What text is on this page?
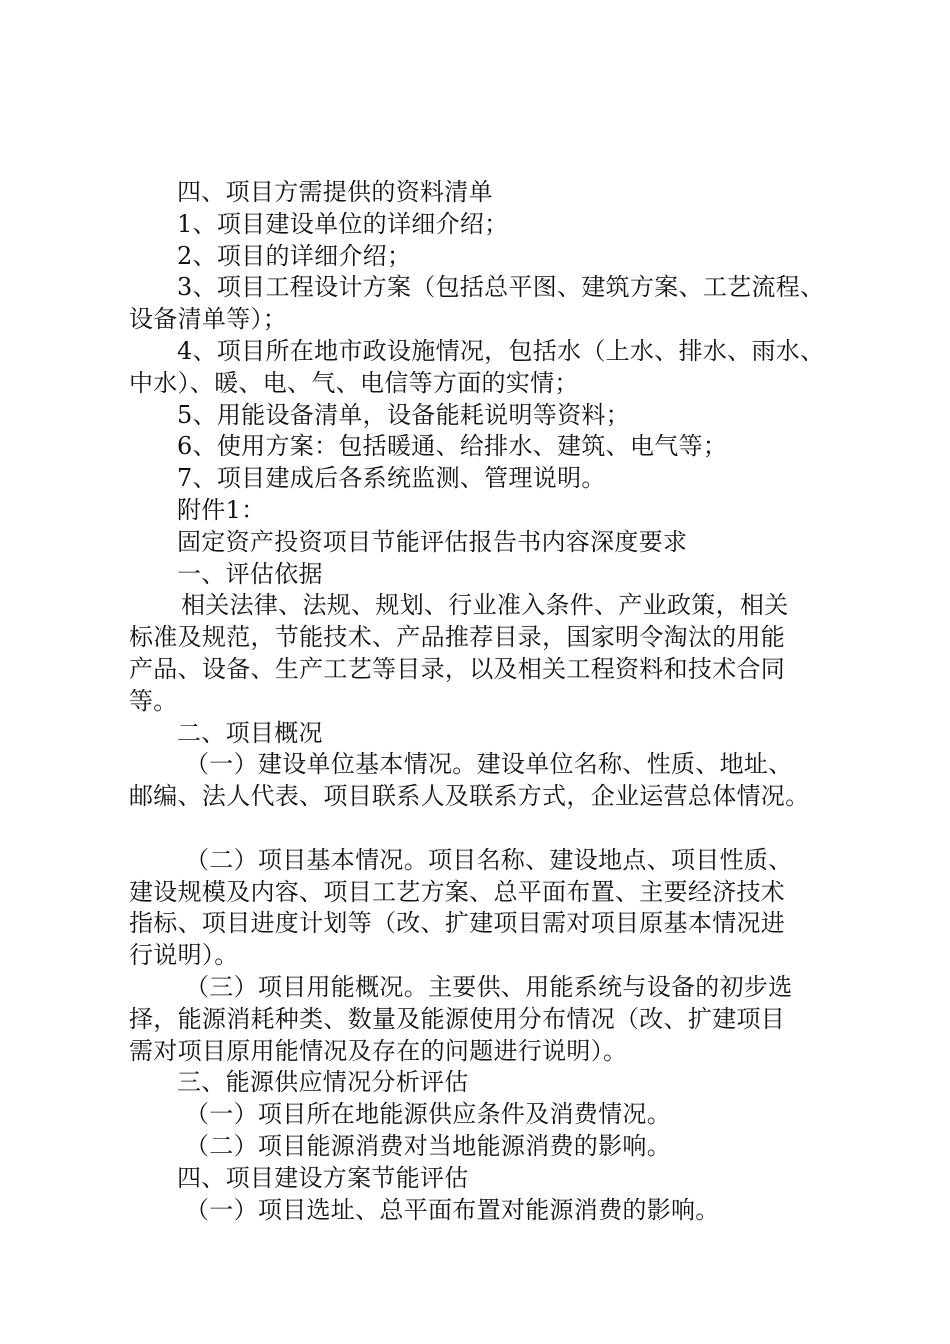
四、项目方需提供的资料清单
1、项目建设单位的详细介绍；
2、项目的详细介绍；
3、项目工程设计方案（包括总平图、建筑方案、工艺流程、
设备清单等）；
4、项目所在地市政设施情况，包括水（上水、排水、雨水、
中水）、暖、电、气、电信等方面的实情；
5、用能设备清单，设备能耗说明等资料；
6、使用方案：包括暖通、给排水、建筑、电气等；
7、项目建成后各系统监测、管理说明。
附件1：
固定资产投资项目节能评估报告书内容深度要求
一、评估依据
相关法律、法规、规划、行业准入条件、产业政策，相关
标准及规范，节能技术、产品推荐目录，国家明令淘汰的用能
产品、设备、生产工艺等目录，以及相关工程资料和技术合同
等。
二、项目概况
（一）建设单位基本情况。建设单位名称、性质、地址、
邮编、法人代表、项目联系人及联系方式，企业运营总体情况。
（二）项目基本情况。项目名称、建设地点、项目性质、
建设规模及内容、项目工艺方案、总平面布置、主要经济技术
指标、项目进度计划等（改、扩建项目需对项目原基本情况进
行说明）。
（三）项目用能概况。主要供、用能系统与设备的初步选
择，能源消耗种类、数量及能源使用分布情况（改、扩建项目
需对项目原用能情况及存在的问题进行说明）。
三、能源供应情况分析评估
（一）项目所在地能源供应条件及消费情况。
（二）项目能源消费对当地能源消费的影响。
四、项目建设方案节能评估
（一）项目选址、总平面布置对能源消费的影响。
